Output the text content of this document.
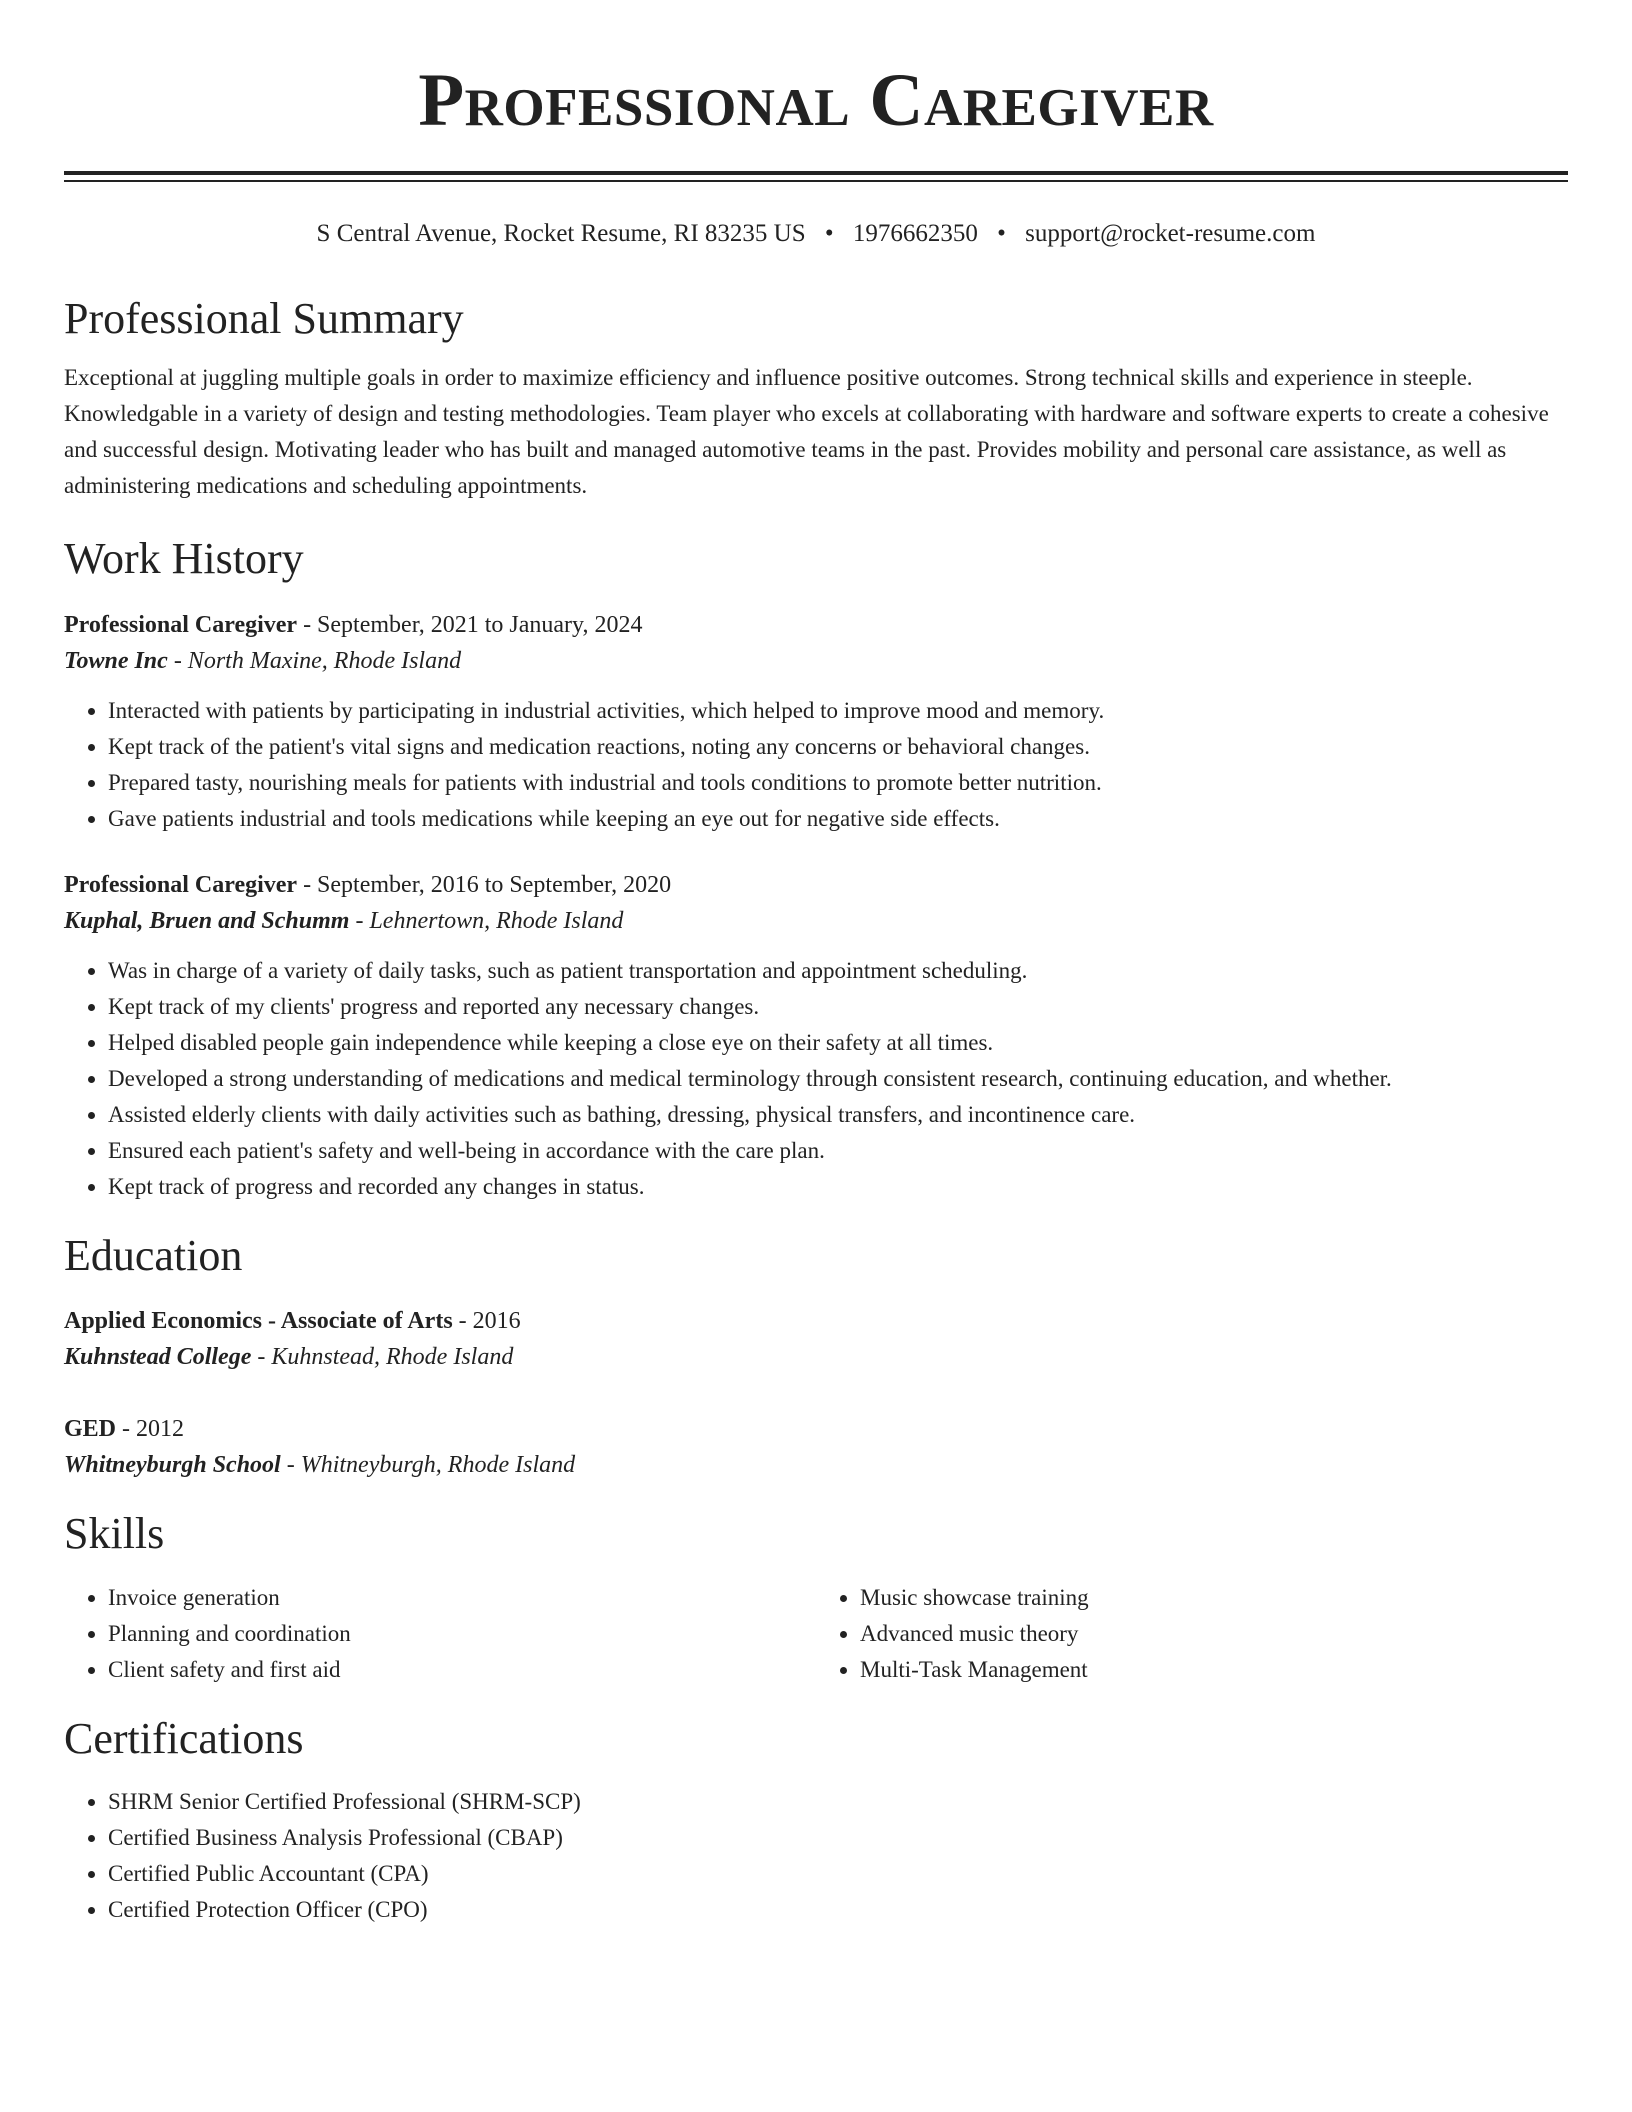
Professional Caregiver
S Central Avenue, Rocket Resume, RI 83235 US • 1976662350 • support@rocket-resume.com
Professional Summary
Exceptional at juggling multiple goals in order to maximize efficiency and influence positive outcomes. Strong technical skills and experience in steeple. Knowledgable in a variety of design and testing methodologies. Team player who excels at collaborating with hardware and software experts to create a cohesive and successful design. Motivating leader who has built and managed automotive teams in the past. Provides mobility and personal care assistance, as well as administering medications and scheduling appointments.
Work History
Professional Caregiver - September, 2021 to January, 2024
Towne Inc - North Maxine, Rhode Island
• Interacted with patients by participating in industrial activities, which helped to improve mood and memory.
• Kept track of the patient's vital signs and medication reactions, noting any concerns or behavioral changes.
• Prepared tasty, nourishing meals for patients with industrial and tools conditions to promote better nutrition.
• Gave patients industrial and tools medications while keeping an eye out for negative side effects.
Professional Caregiver - September, 2016 to September, 2020
Kuphal, Bruen and Schumm - Lehnertown, Rhode Island
• Was in charge of a variety of daily tasks, such as patient transportation and appointment scheduling.
• Kept track of my clients' progress and reported any necessary changes.
• Helped disabled people gain independence while keeping a close eye on their safety at all times.
• Developed a strong understanding of medications and medical terminology through consistent research, continuing education, and whether.
• Assisted elderly clients with daily activities such as bathing, dressing, physical transfers, and incontinence care.
• Ensured each patient's safety and well-being in accordance with the care plan.
• Kept track of progress and recorded any changes in status.
Education
Applied Economics - Associate of Arts - 2016
Kuhnstead College - Kuhnstead, Rhode Island
GED - 2012
Whitneyburgh School - Whitneyburgh, Rhode Island
Skills
• Invoice generation
• Planning and coordination
• Client safety and first aid
• Music showcase training
• Advanced music theory
• Multi-Task Management
Certifications
• SHRM Senior Certified Professional (SHRM-SCP)
• Certified Business Analysis Professional (CBAP)
• Certified Public Accountant (CPA)
• Certified Protection Officer (CPO)
